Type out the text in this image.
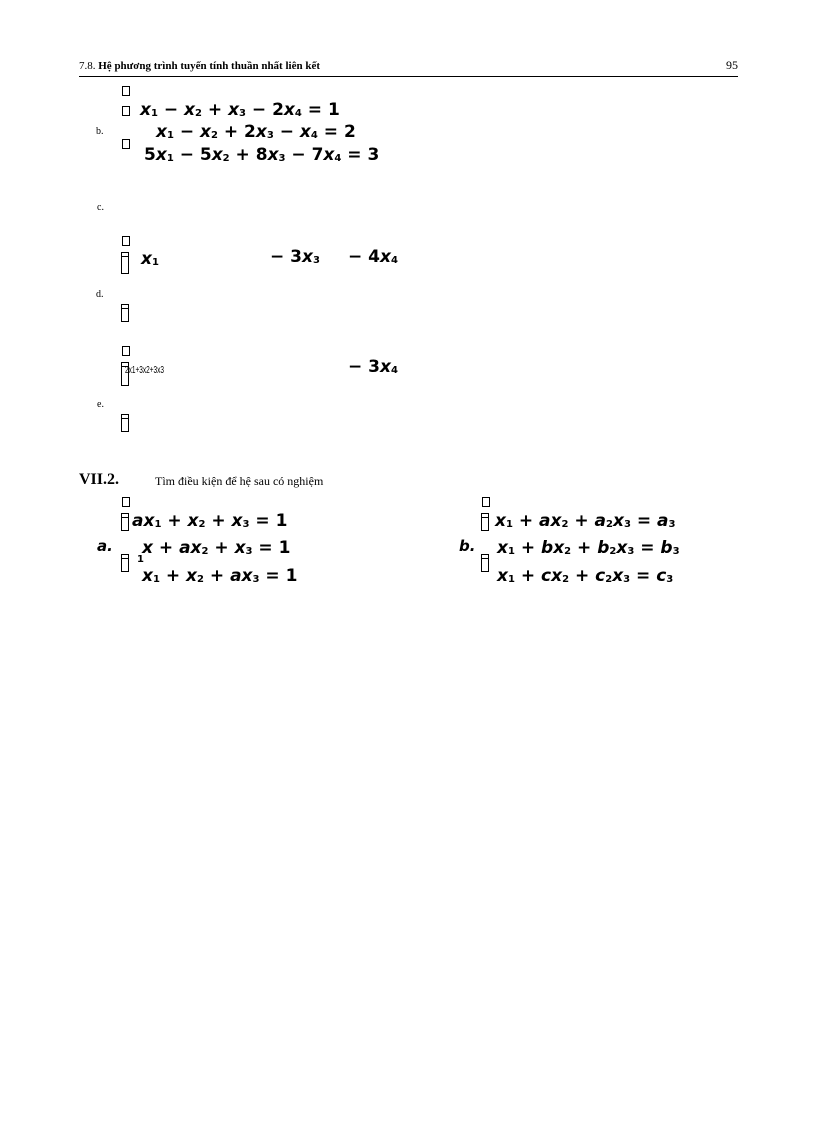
7.8. Hệ phương trình tuyến tính thuần nhất liên kết	95
$x_1 - x_2 + x_3 - 2x_4 = 1$
b.	$x_1 - x_2 + 2x_3 - x_4 = 2$
$5x_1 - 5x_2 + 8x_3 - 7x_4 = 3$
c.
$x_1$	− $3x_3 - 4x_4$
d.
2x1+3x2+3x3	− $3x_4$
e.
VII.2.	Tìm điều kiện để hệ sau có nghiệm
$ax_1 + x_2 + x_3 = 1$
a. $x + ax_2 + x_3 = 1$
1
$x_1 + x_2 + ax_3 = 1$
$x_1 + ax_2 + a_2x_3 = a_3$
b. $x_1 + bx_2 + b_2x_3 = b_3$
$x_1 + cx_2 + c_2x_3 = c_3$
